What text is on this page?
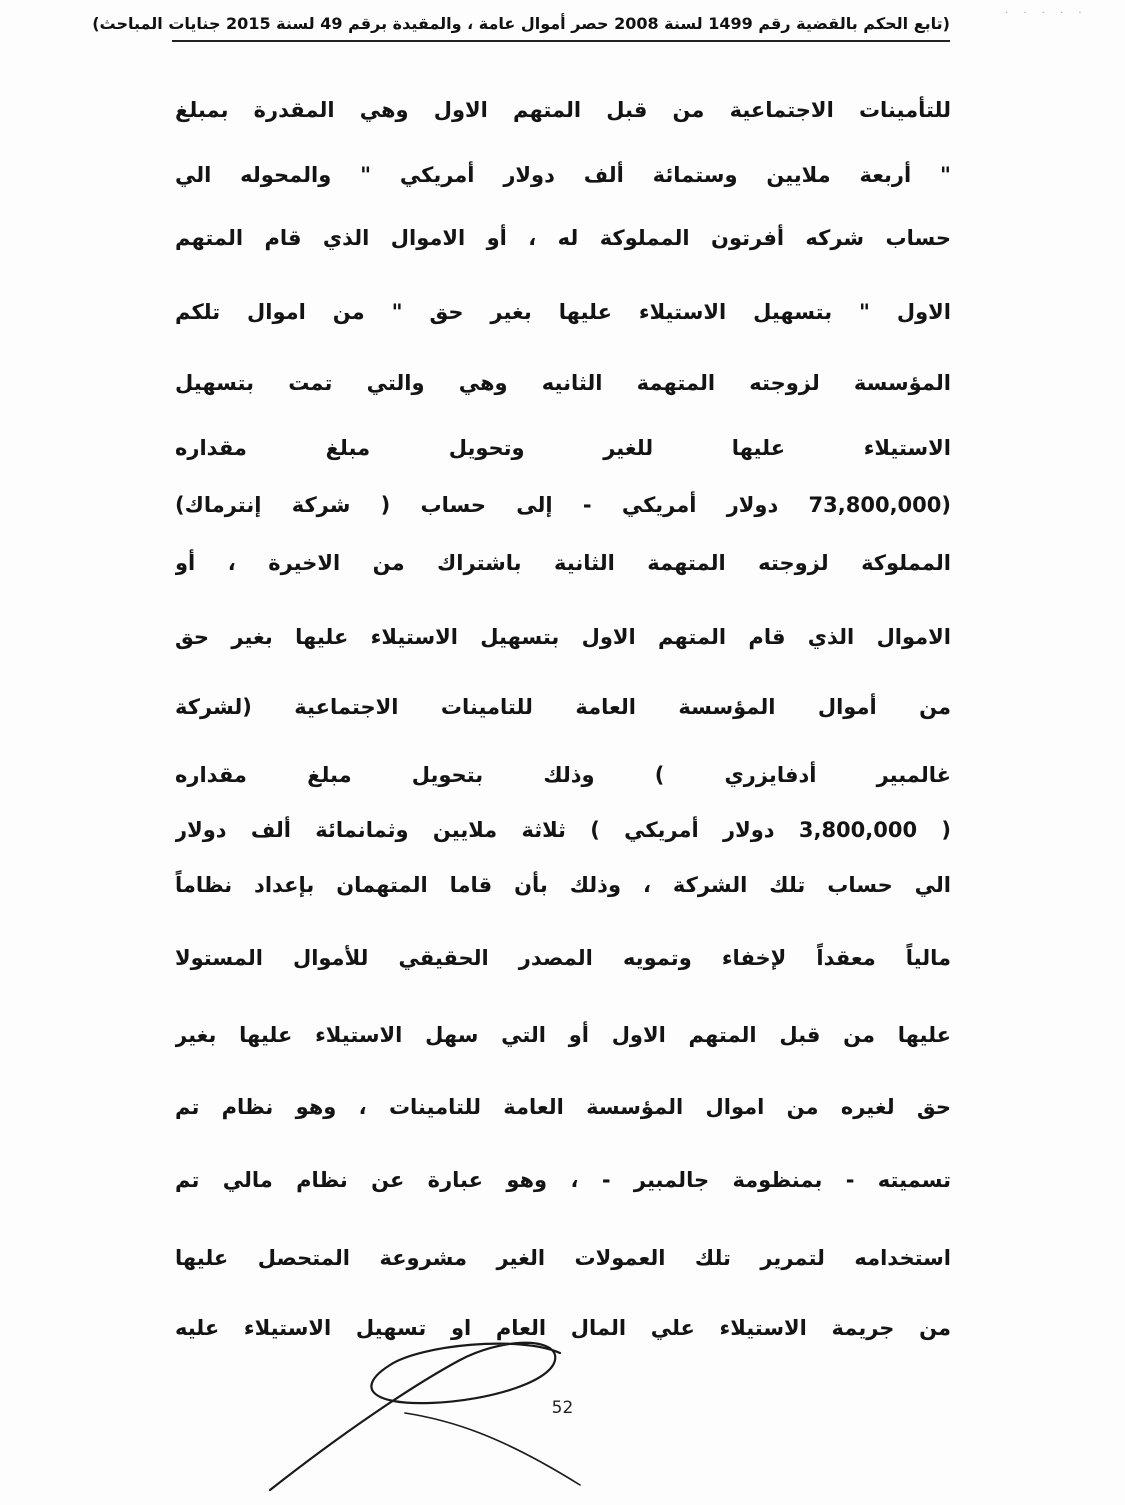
· · · · ·
(تابع الحكم بالقضية رقم 1499 لسنة 2008 حصر أموال عامة ، والمقيدة برقم 49 لسنة 2015 جنايات المباحث)
للتأمينات الاجتماعية من قبل المتهم الاول وهي المقدرة بمبلغ
" أربعة ملايين وستمائة ألف دولار أمريكي " والمحوله الي
حساب شركه أفرتون المملوكة له ، أو الاموال الذي قام المتهم
الاول " بتسهيل الاستيلاء عليها بغير حق " من اموال تلكم
المؤسسة لزوجته المتهمة الثانيه وهي والتي تمت بتسهيل
الاستيلاء عليها للغير وتحويل مبلغ مقداره
(73,800,000 دولار أمريكي - إلى حساب ( شركة إنترماك)
المملوكة لزوجته المتهمة الثانية باشتراك من الاخيرة ، أو
الاموال الذي قام المتهم الاول بتسهيل الاستيلاء عليها بغير حق
من أموال المؤسسة العامة للتامينات الاجتماعية (لشركة
غالمبير أدفايزري ) وذلك بتحويل مبلغ مقداره
( 3,800,000 دولار أمريكي ) ثلاثة ملايين وثمانمائة ألف دولار
الي حساب تلك الشركة ، وذلك بأن قاما المتهمان بإعداد نظاماً
مالياً معقداً لإخفاء وتمويه المصدر الحقيقي للأموال المستولا
عليها من قبل المتهم الاول أو التي سهل الاستيلاء عليها بغير
حق لغيره من اموال المؤسسة العامة للتامينات ، وهو نظام تم
تسميته - بمنظومة جالمبير - ، وهو عبارة عن نظام مالي تم
استخدامه لتمرير تلك العمولات الغير مشروعة المتحصل عليها
من جريمة الاستيلاء علي المال العام او تسهيل الاستيلاء عليه
52
